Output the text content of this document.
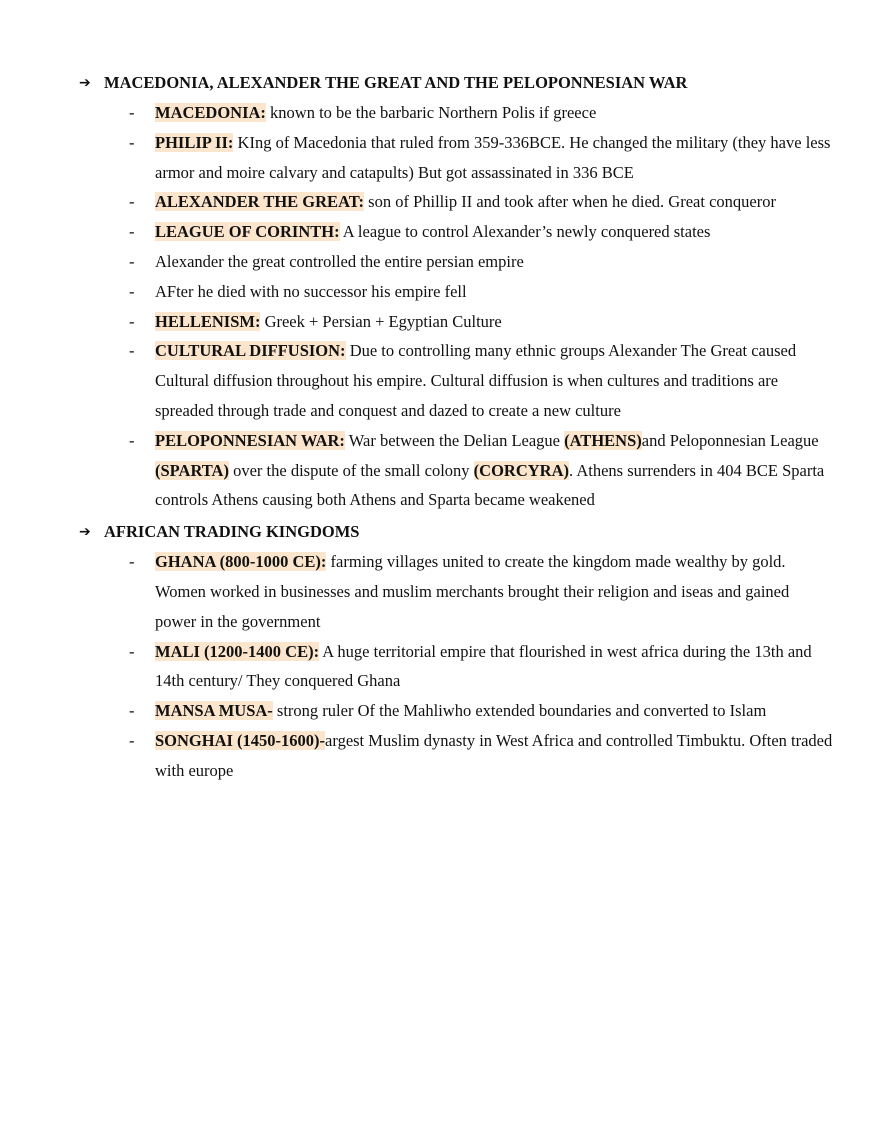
➔ MACEDONIA, ALEXANDER THE GREAT AND THE PELOPONNESIAN WAR
- MACEDONIA: known to be the barbaric Northern Polis if greece
- PHILIP II: KIng of Macedonia that ruled from 359-336BCE. He changed the military (they have less armor and moire calvary and catapults) But got assassinated in 336 BCE
- ALEXANDER THE GREAT: son of Phillip II and took after when he died. Great conqueror
- LEAGUE OF CORINTH: A league to control Alexander’s newly conquered states
- Alexander the great controlled the entire persian empire
- AFter he died with no successor his empire fell
- HELLENISM: Greek + Persian + Egyptian Culture
- CULTURAL DIFFUSION: Due to controlling many ethnic groups Alexander The Great caused Cultural diffusion throughout his empire. Cultural diffusion is when cultures and traditions are spreaded through trade and conquest and dazed to create a new culture
- PELOPONNESIAN WAR: War between the Delian League (ATHENS)and Peloponnesian League (SPARTA) over the dispute of the small colony (CORCYRA). Athens surrenders in 404 BCE Sparta controls Athens causing both Athens and Sparta became weakened
➔ AFRICAN TRADING KINGDOMS
- GHANA (800-1000 CE): farming villages united to create the kingdom made wealthy by gold. Women worked in businesses and muslim merchants brought their religion and iseas and gained power in the government
- MALI (1200-1400 CE): A huge territorial empire that flourished in west africa during the 13th and 14th century/ They conquered Ghana
- MANSA MUSA- strong ruler Of the Mahliwho extended boundaries and converted to Islam
- SONGHAI (1450-1600)-argest Muslim dynasty in West Africa and controlled Timbuktu. Often traded with europe
